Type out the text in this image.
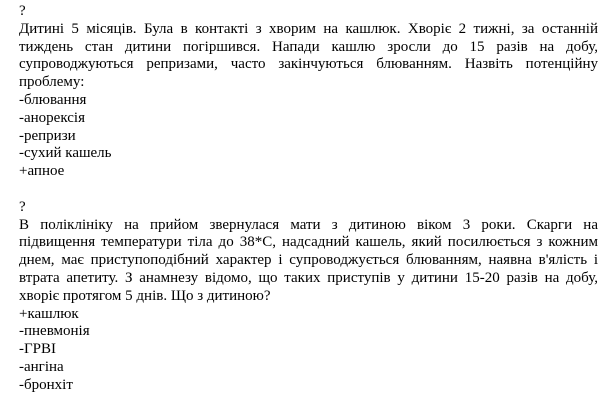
?
Дитині 5 місяців. Була в контакті з хворим на кашлюк. Хворіє 2 тижні, за останній
тиждень стан дитини погіршився. Напади кашлю зросли до 15 разів на добу,
супроводжуються репризами, часто закінчуються блюванням. Назвіть потенційну
проблему:
-блювання
-анорексія
-репризи
-сухий кашель
+апное
?
В поліклініку на прийом звернулася мати з дитиною віком 3 роки. Скарги на
підвищення температури тіла до 38*С, надсадний кашель, який посилюється з кожним
днем, має приступоподібний характер і супроводжується блюванням, наявна в'ялість і
втрата апетиту. З анамнезу відомо, що таких приступів у дитини 15-20 разів на добу,
хворіє протягом 5 днів. Що з дитиною?
+кашлюк
-пневмонія
-ГРВІ
-ангіна
-бронхіт
